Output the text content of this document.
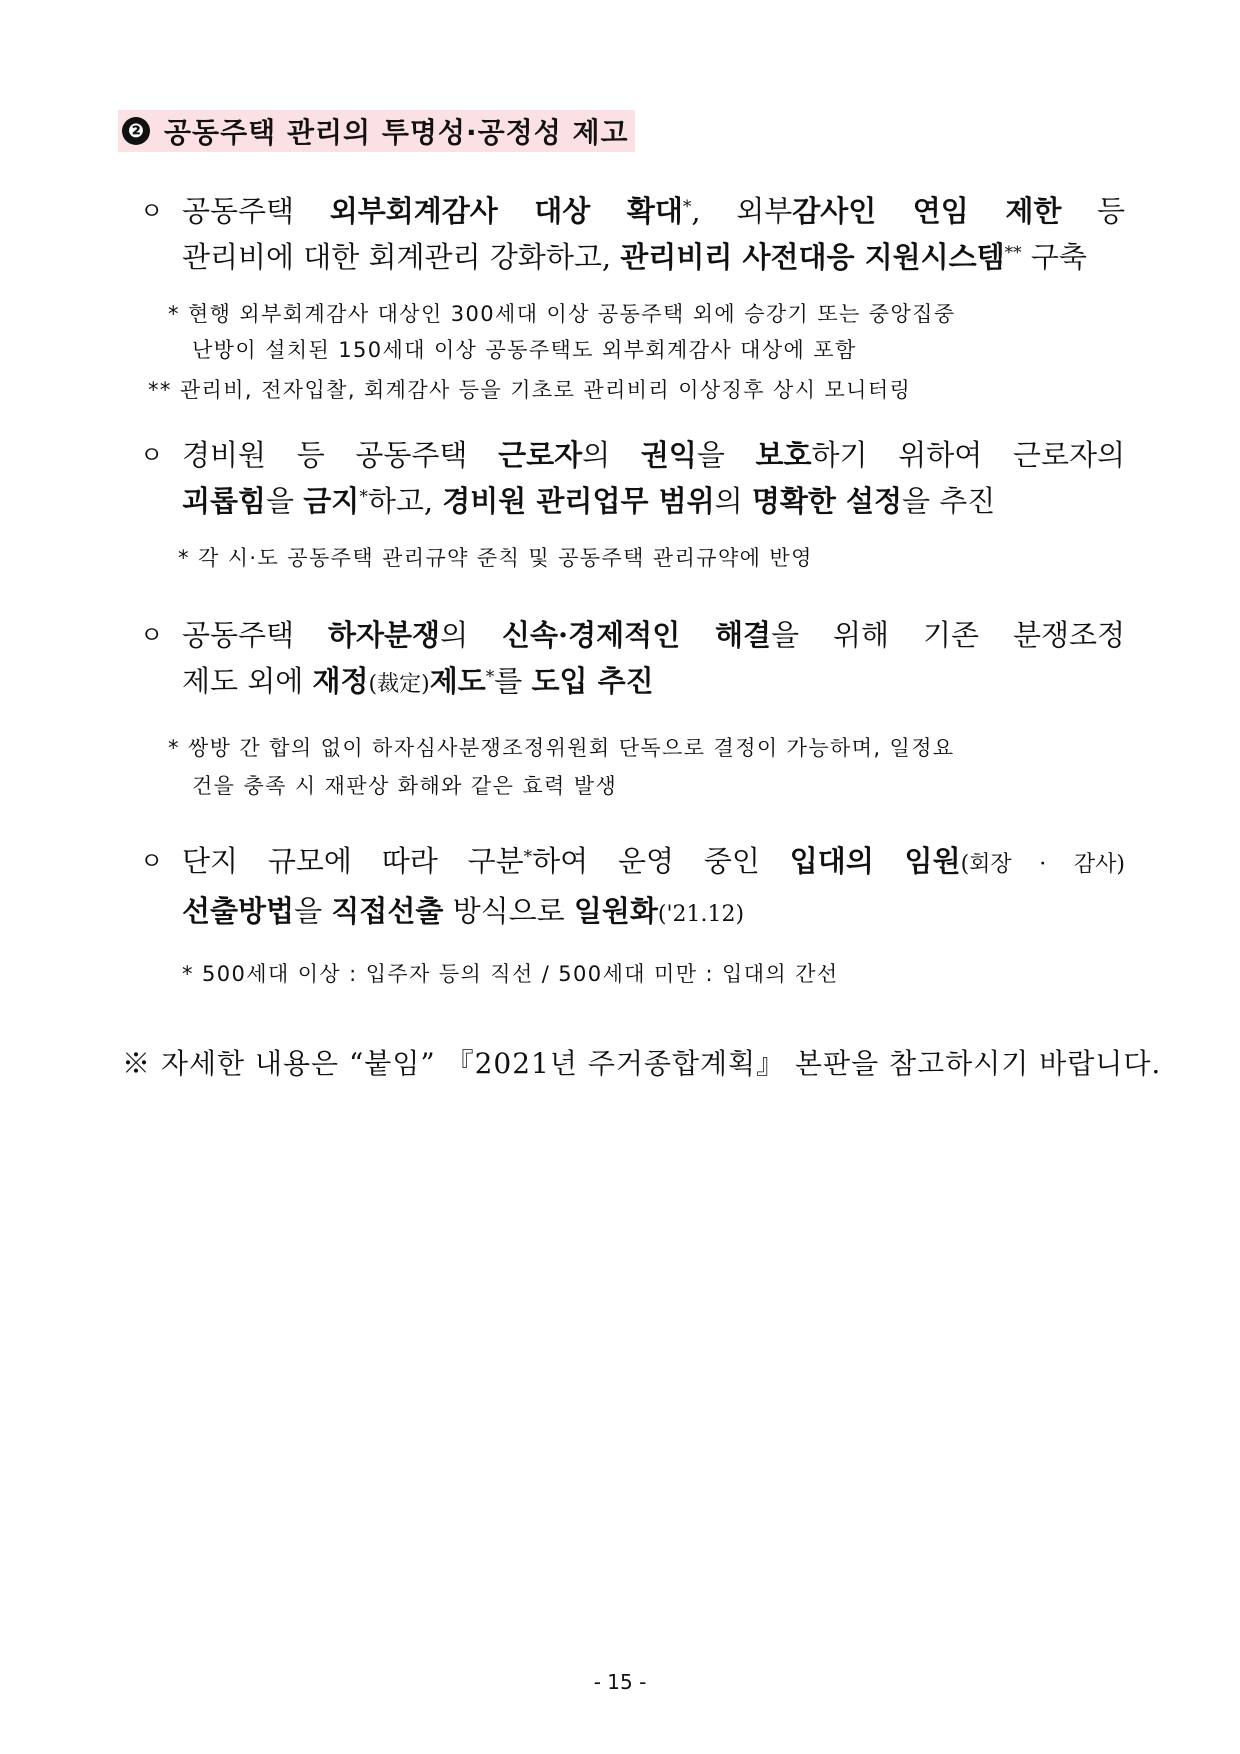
❷ 공동주택 관리의 투명성·공정성 제고
ㅇ 공동주택 외부회계감사 대상 확대*, 외부감사인 연임 제한 등
관리비에 대한 회계관리 강화하고, 관리비리 사전대응 지원시스템** 구축
* 현행 외부회계감사 대상인 300세대 이상 공동주택 외에 승강기 또는 중앙집중
난방이 설치된 150세대 이상 공동주택도 외부회계감사 대상에 포함
** 관리비, 전자입찰, 회계감사 등을 기초로 관리비리 이상징후 상시 모니터링
ㅇ 경비원 등 공동주택 근로자의 권익을 보호하기 위하여 근로자의
괴롭힘을 금지*하고, 경비원 관리업무 범위의 명확한 설정을 추진
* 각 시·도 공동주택 관리규약 준칙 및 공동주택 관리규약에 반영
ㅇ 공동주택 하자분쟁의 신속·경제적인 해결을 위해 기존 분쟁조정
제도 외에 재정(裁定)제도*를 도입 추진
* 쌍방 간 합의 없이 하자심사분쟁조정위원회 단독으로 결정이 가능하며, 일정요
건을 충족 시 재판상 화해와 같은 효력 발생
ㅇ 단지 규모에 따라 구분*하여 운영 중인 입대의 임원(회장 · 감사)
선출방법을 직접선출 방식으로 일원화('21.12)
* 500세대 이상 : 입주자 등의 직선 / 500세대 미만 : 입대의 간선
※ 자세한 내용은 “붙임” 『2021년 주거종합계획』 본판을 참고하시기 바랍니다.
- 15 -
